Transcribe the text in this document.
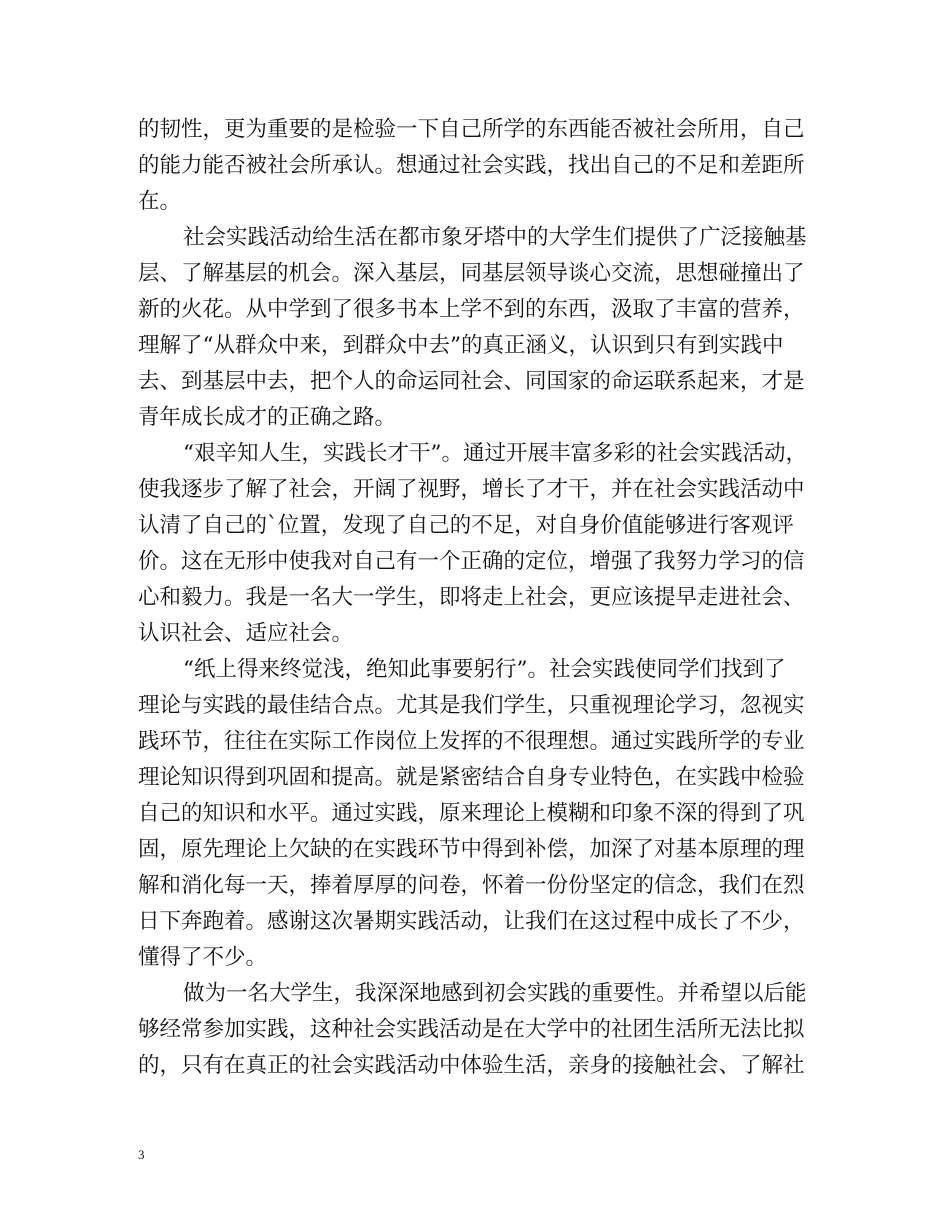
的韧性，更为重要的是检验一下自己所学的东西能否被社会所用，自己
的能力能否被社会所承认。想通过社会实践，找出自己的不足和差距所
在。
社会实践活动给生活在都市象牙塔中的大学生们提供了广泛接触基
层、了解基层的机会。深入基层，同基层领导谈心交流，思想碰撞出了
新的火花。从中学到了很多书本上学不到的东西，汲取了丰富的营养，
理解了“从群众中来，到群众中去”的真正涵义，认识到只有到实践中
去、到基层中去，把个人的命运同社会、同国家的命运联系起来，才是
青年成长成才的正确之路。
“艰辛知人生，实践长才干”。通过开展丰富多彩的社会实践活动，
使我逐步了解了社会，开阔了视野，增长了才干，并在社会实践活动中
认清了自己的`位置，发现了自己的不足，对自身价值能够进行客观评
价。这在无形中使我对自己有一个正确的定位，增强了我努力学习的信
心和毅力。我是一名大一学生，即将走上社会，更应该提早走进社会、
认识社会、适应社会。
“纸上得来终觉浅，绝知此事要躬行”。社会实践使同学们找到了
理论与实践的最佳结合点。尤其是我们学生，只重视理论学习，忽视实
践环节，往往在实际工作岗位上发挥的不很理想。通过实践所学的专业
理论知识得到巩固和提高。就是紧密结合自身专业特色，在实践中检验
自己的知识和水平。通过实践，原来理论上模糊和印象不深的得到了巩
固，原先理论上欠缺的在实践环节中得到补偿，加深了对基本原理的理
解和消化每一天，捧着厚厚的问卷，怀着一份份坚定的信念，我们在烈
日下奔跑着。感谢这次暑期实践活动，让我们在这过程中成长了不少，
懂得了不少。
做为一名大学生，我深深地感到初会实践的重要性。并希望以后能
够经常参加实践，这种社会实践活动是在大学中的社团生活所无法比拟
的，只有在真正的社会实践活动中体验生活，亲身的接触社会、了解社
3
